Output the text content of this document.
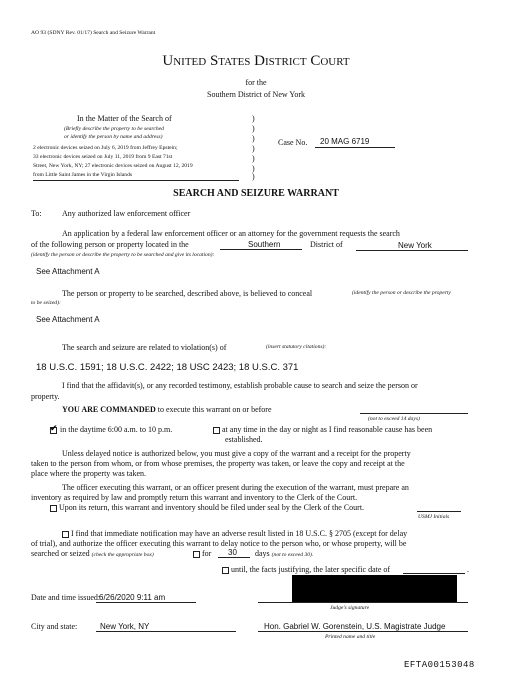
AO 93 (SDNY Rev. 01/17) Search and Seizure Warrant
United States District Court
for the
Southern District of New York
In the Matter of the Search of
(Briefly describe the property to be searched
or identify the person by name and address)
2 electronic devices seized on July 6, 2019 from Jeffrey Epstein;
33 electronic devices seized on July 11, 2019 from 9 East 71st
Street, New York, NY; 27 electronic devices seized on August 12, 2019
from Little Saint James in the Virgin Islands
)
)
)
)
)
)
)
Case No. 20 MAG 6719
SEARCH AND SEIZURE WARRANT
To:	Any authorized law enforcement officer
An application by a federal law enforcement officer or an attorney for the government requests the search
of the following person or property located in the	Southern	District of	New York

(identify the person or describe the property to be searched and give its location):
See Attachment A
The person or property to be searched, described above, is believed to conceal	(identify the person or describe the property
to be seized):
See Attachment A
The search and seizure are related to violation(s) of	(insert statutory citations):
18 U.S.C. 1591; 18 U.S.C. 2422; 18 USC 2423; 18 U.S.C. 371
I find that the affidavit(s), or any recorded testimony, establish probable cause to search and seize the person or
property.
YOU ARE COMMANDED to execute this warrant on or before
(not to exceed 14 days)
✔in the daytime 6:00 a.m. to 10 p.m.	at any time in the day or night as I find reasonable cause has been
established.
Unless delayed notice is authorized below, you must give a copy of the warrant and a receipt for the property
taken to the person from whom, or from whose premises, the property was taken, or leave the copy and receipt at the
place where the property was taken.
The officer executing this warrant, or an officer present during the execution of the warrant, must prepare an
inventory as required by law and promptly return this warrant and inventory to the Clerk of the Court.
Upon its return, this warrant and inventory should be filed under seal by the Clerk of the Court.
USMJ Initials
I find that immediate notification may have an adverse result listed in 18 U.S.C. § 2705 (except for delay
of trial), and authorize the officer executing this warrant to delay notice to the person who, or whose property, will be
searched or seized (check the appropriate box)	for 30 days (not to exceed 30).
until, the facts justifying, the later specific date of	.
Date and time issued:
6/26/2020 9:11 am
Judge's signature
City and state:	New York, NY	Hon. Gabriel W. Gorenstein, U.S. Magistrate Judge
Printed name and title
EFTA00153048
